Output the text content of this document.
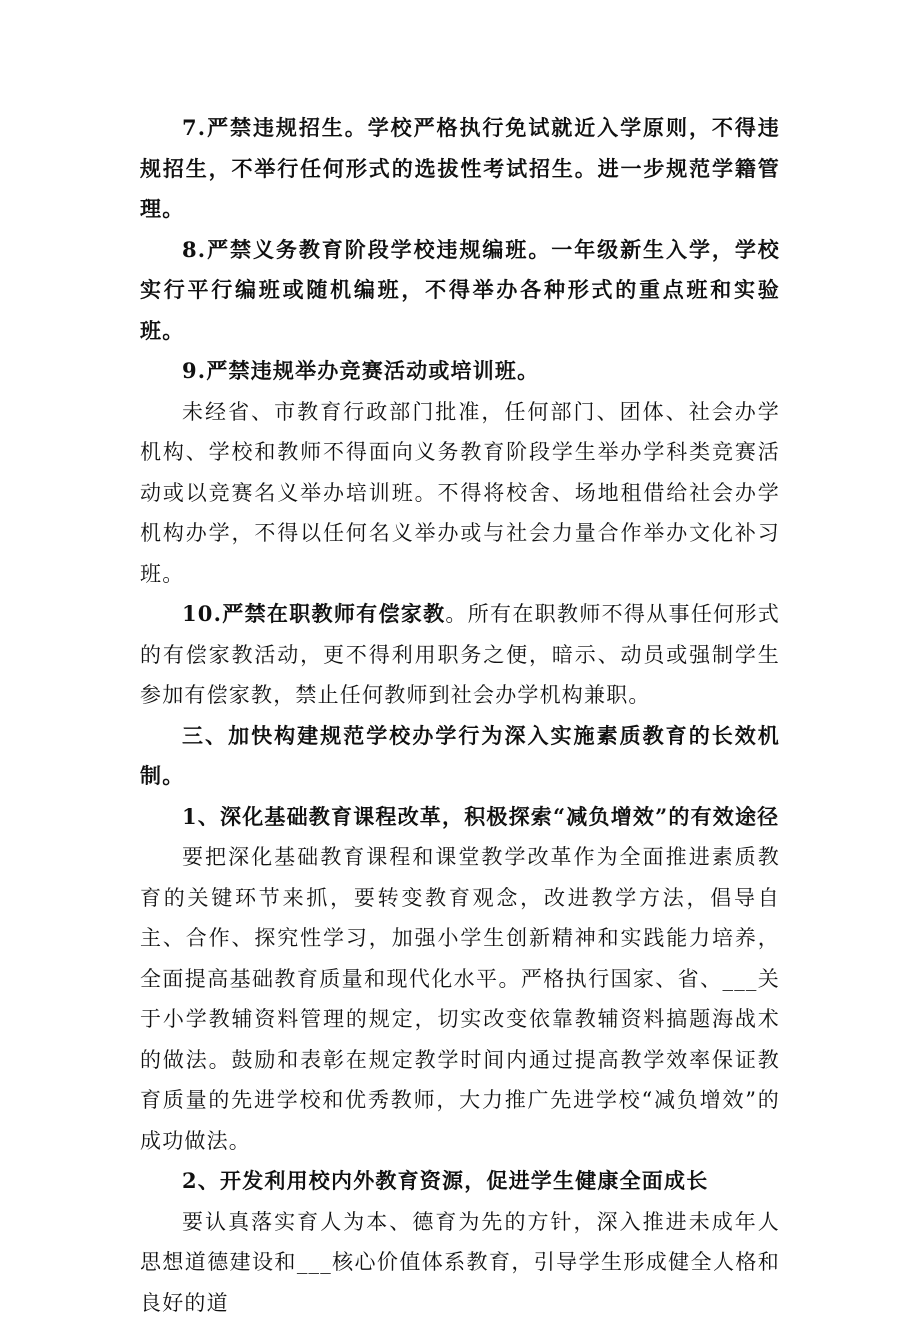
7.严禁违规招生。学校严格执行免试就近入学原则，不得违规招生，不举行任何形式的选拔性考试招生。进一步规范学籍管理。

8.严禁义务教育阶段学校违规编班。一年级新生入学，学校实行平行编班或随机编班，不得举办各种形式的重点班和实验班。

9.严禁违规举办竞赛活动或培训班。

未经省、市教育行政部门批准，任何部门、团体、社会办学机构、学校和教师不得面向义务教育阶段学生举办学科类竞赛活动或以竞赛名义举办培训班。不得将校舍、场地租借给社会办学机构办学，不得以任何名义举办或与社会力量合作举办文化补习班。

10.严禁在职教师有偿家教。所有在职教师不得从事任何形式的有偿家教活动，更不得利用职务之便，暗示、动员或强制学生参加有偿家教，禁止任何教师到社会办学机构兼职。

三、加快构建规范学校办学行为深入实施素质教育的长效机制。

1、深化基础教育课程改革，积极探索“减负增效”的有效途径

要把深化基础教育课程和课堂教学改革作为全面推进素质教育的关键环节来抓，要转变教育观念，改进教学方法，倡导自主、合作、探究性学习，加强小学生创新精神和实践能力培养，全面提高基础教育质量和现代化水平。严格执行国家、省、___关于小学教辅资料管理的规定，切实改变依靠教辅资料搞题海战术的做法。鼓励和表彰在规定教学时间内通过提高教学效率保证教育质量的先进学校和优秀教师，大力推广先进学校“减负增效”的成功做法。

2、开发利用校内外教育资源，促进学生健康全面成长

要认真落实育人为本、德育为先的方针，深入推进未成年人思想道德建设和___核心价值体系教育，引导学生形成健全人格和良好的道
